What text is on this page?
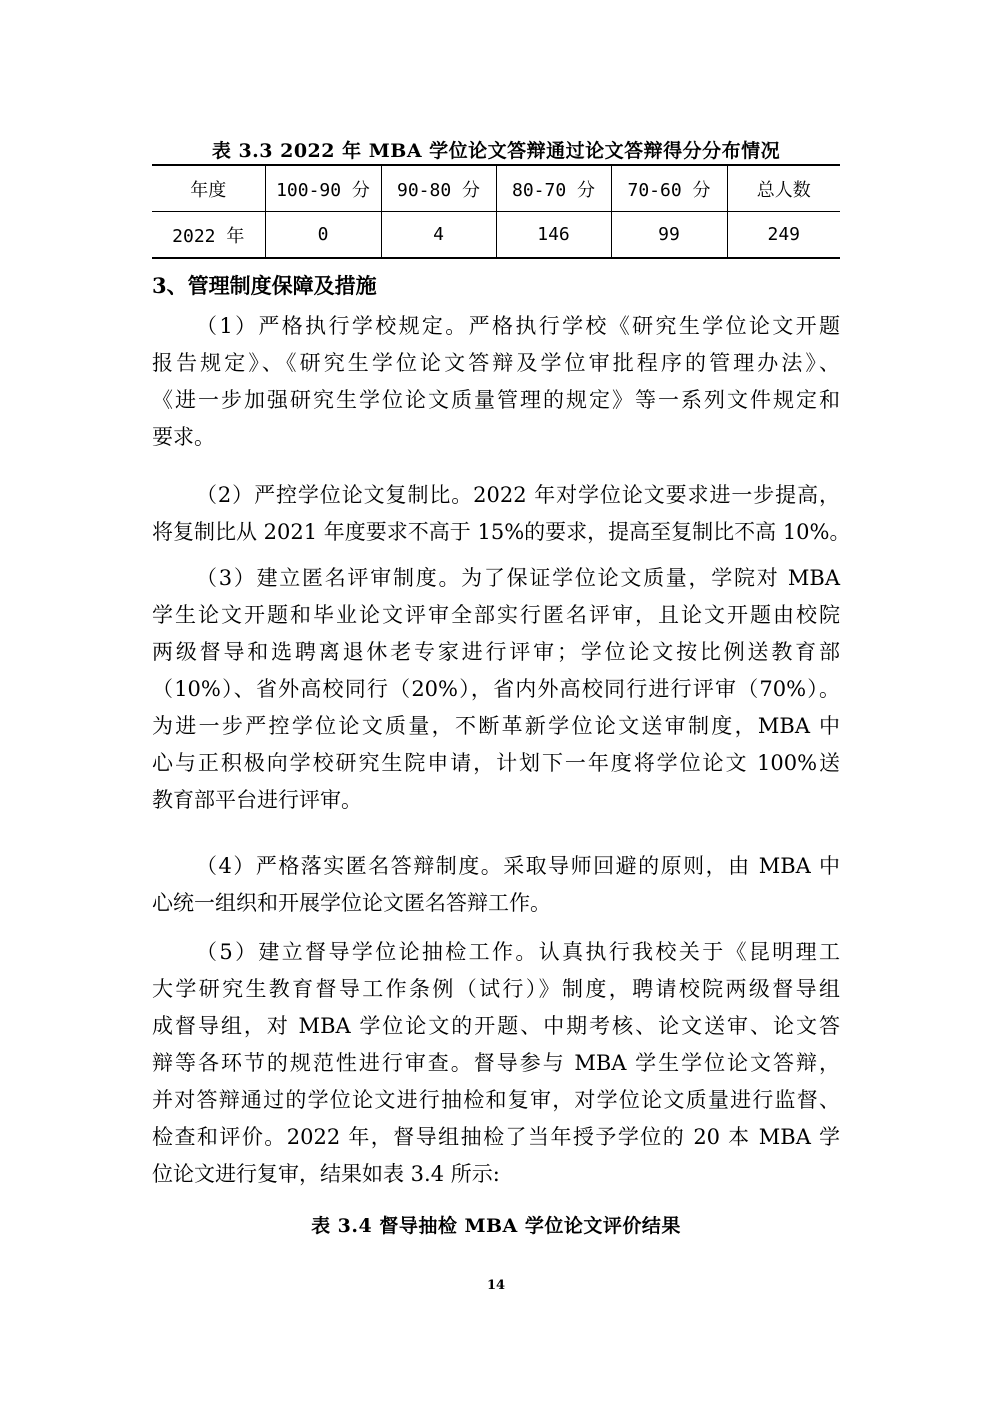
表 3.3 2022 年 MBA 学位论文答辩通过论文答辩得分分布情况
年度	100-90 分	90-80 分	80-70 分	70-60 分	总人数
2022 年	0	4	146	99	249
3、管理制度保障及措施
（1）严格执行学校规定。严格执行学校《研究生学位论文开题
报告规定》、《研究生学位论文答辩及学位审批程序的管理办法》、
《进一步加强研究生学位论文质量管理的规定》等一系列文件规定和
要求。
（2）严控学位论文复制比。2022 年对学位论文要求进一步提高，
将复制比从 2021 年度要求不高于 15%的要求，提高至复制比不高 10%。
（3）建立匿名评审制度。为了保证学位论文质量，学院对 MBA
学生论文开题和毕业论文评审全部实行匿名评审，且论文开题由校院
两级督导和选聘离退休老专家进行评审；学位论文按比例送教育部
（10%）、省外高校同行（20%），省内外高校同行进行评审（70%）。
为进一步严控学位论文质量，不断革新学位论文送审制度，MBA 中
心与正积极向学校研究生院申请，计划下一年度将学位论文 100%送
教育部平台进行评审。
（4）严格落实匿名答辩制度。采取导师回避的原则，由 MBA 中
心统一组织和开展学位论文匿名答辩工作。
（5）建立督导学位论抽检工作。认真执行我校关于《昆明理工
大学研究生教育督导工作条例（试行）》制度，聘请校院两级督导组
成督导组，对 MBA 学位论文的开题、中期考核、论文送审、论文答
辩等各环节的规范性进行审查。督导参与 MBA 学生学位论文答辩，
并对答辩通过的学位论文进行抽检和复审，对学位论文质量进行监督、
检查和评价。2022 年，督导组抽检了当年授予学位的 20 本 MBA 学
位论文进行复审，结果如表 3.4 所示:
表 3.4 督导抽检 MBA 学位论文评价结果
14
